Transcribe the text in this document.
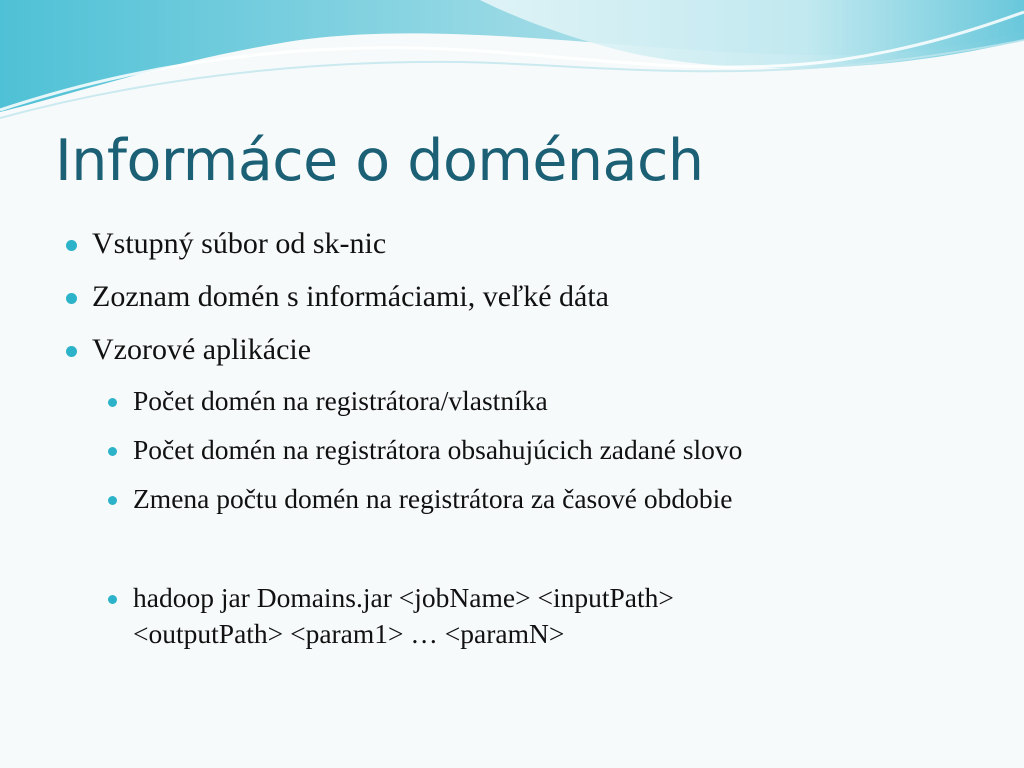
Informáce o doménach
Vstupný súbor od sk-nic
Zoznam domén s informáciami, veľké dáta
Vzorové aplikácie
Počet domén na registrátora/vlastníka
Počet domén na registrátora obsahujúcich zadané slovo
Zmena počtu domén na registrátora za časové obdobie
hadoop jar Domains.jar <jobName> <inputPath>
<outputPath> <param1> … <paramN>
